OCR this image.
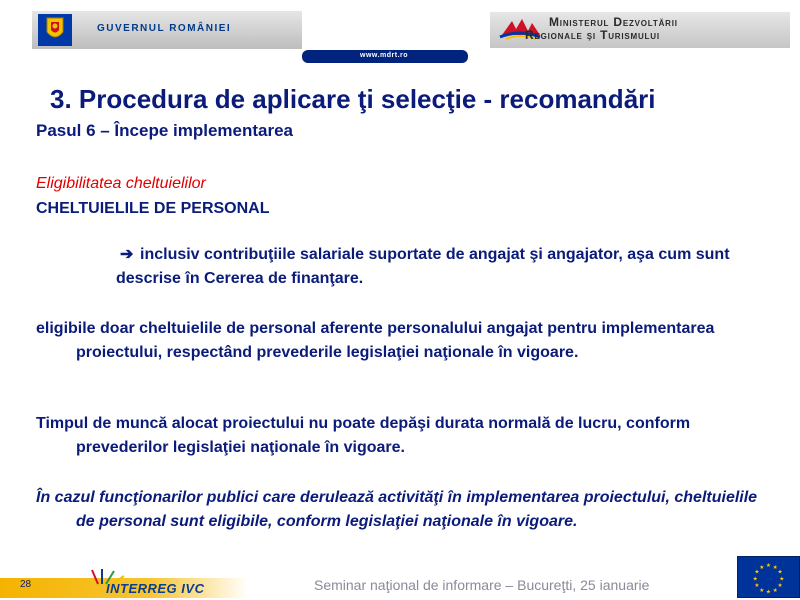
GUVERNUL ROMÂNIEI
www.mdrt.ro
Ministerul Dezvoltării
Regionale şi Turismului
3. Procedura de aplicare ţi selecţie - recomandări
Pasul 6 – Începe implementarea
Eligibilitatea cheltuielilor
CHELTUIELILE DE PERSONAL
➔ inclusiv contribuţiile salariale suportate de angajat şi angajator, aşa cum sunt descrise în Cererea de finanţare.
eligibile doar cheltuielile de personal aferente personalului angajat pentru implementarea proiectului, respectând prevederile legislaţiei naţionale în vigoare.
Timpul de muncă alocat proiectului nu poate depăşi durata normală de lucru, conform prevederilor legislaţiei naţionale în vigoare.
În cazul funcţionarilor publici care derulează activităţi în implementarea proiectului, cheltuielile de personal sunt eligibile, conform legislaţiei naţionale în vigoare.
28	INTERREG IVC	Seminar naţional de informare – Bucureţti, 25 ianuarie
★ ★
★
★
★
★
★
★
★
★
★
★
